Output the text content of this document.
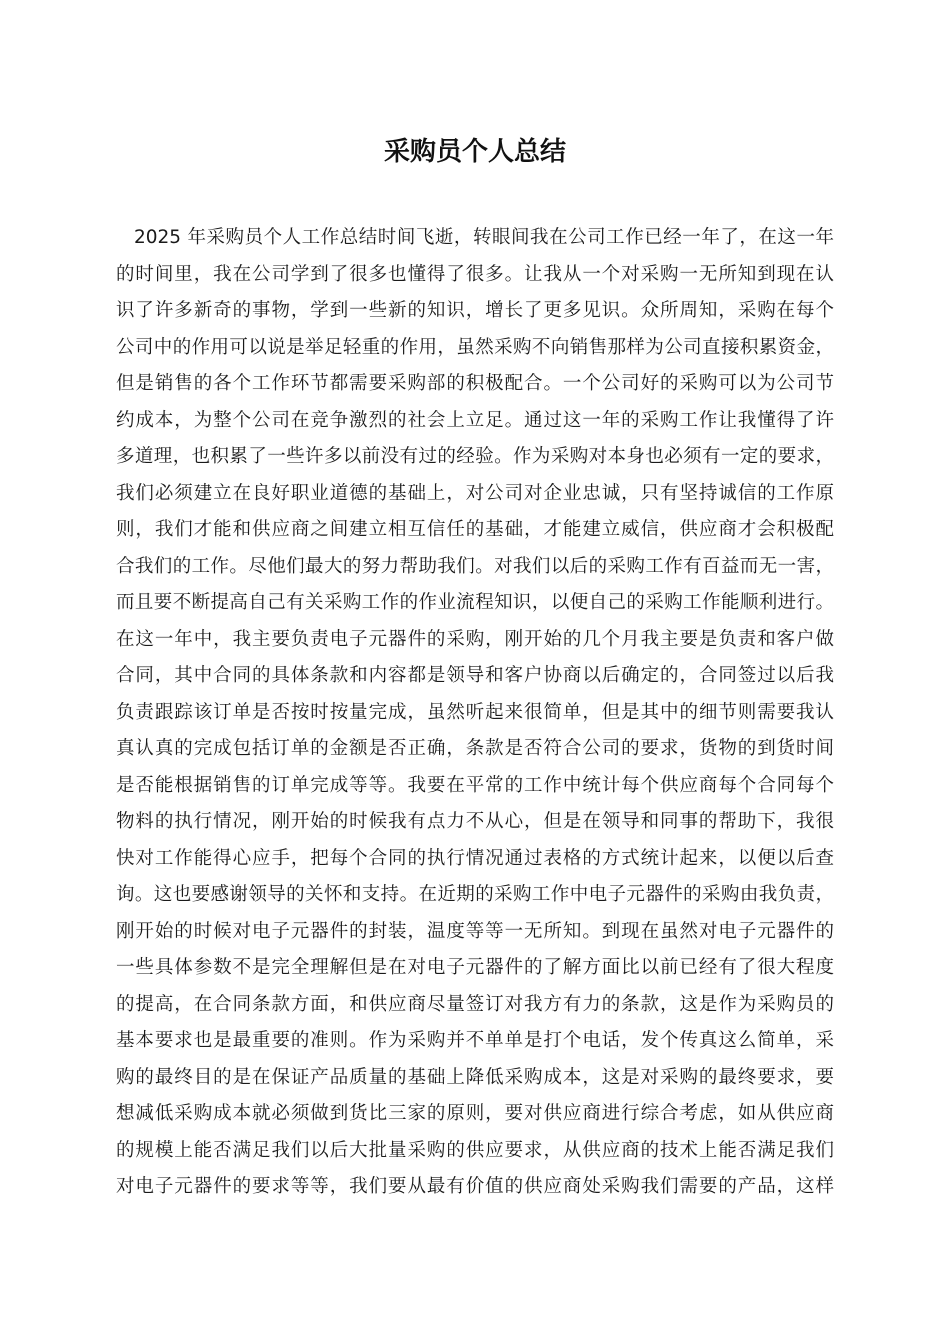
采购员个人总结
2025 年采购员个人工作总结时间飞逝，转眼间我在公司工作已经一年了，在这一年
的时间里，我在公司学到了很多也懂得了很多。让我从一个对采购一无所知到现在认
识了许多新奇的事物，学到一些新的知识，增长了更多见识。众所周知，采购在每个
公司中的作用可以说是举足轻重的作用，虽然采购不向销售那样为公司直接积累资金，
但是销售的各个工作环节都需要采购部的积极配合。一个公司好的采购可以为公司节
约成本，为整个公司在竞争激烈的社会上立足。通过这一年的采购工作让我懂得了许
多道理，也积累了一些许多以前没有过的经验。作为采购对本身也必须有一定的要求，
我们必须建立在良好职业道德的基础上，对公司对企业忠诚，只有坚持诚信的工作原
则，我们才能和供应商之间建立相互信任的基础，才能建立威信，供应商才会积极配
合我们的工作。尽他们最大的努力帮助我们。对我们以后的采购工作有百益而无一害，
而且要不断提高自己有关采购工作的作业流程知识，以便自己的采购工作能顺利进行。
在这一年中，我主要负责电子元器件的采购，刚开始的几个月我主要是负责和客户做
合同，其中合同的具体条款和内容都是领导和客户协商以后确定的，合同签过以后我
负责跟踪该订单是否按时按量完成，虽然听起来很简单，但是其中的细节则需要我认
真认真的完成包括订单的金额是否正确，条款是否符合公司的要求，货物的到货时间
是否能根据销售的订单完成等等。我要在平常的工作中统计每个供应商每个合同每个
物料的执行情况，刚开始的时候我有点力不从心，但是在领导和同事的帮助下，我很
快对工作能得心应手，把每个合同的执行情况通过表格的方式统计起来，以便以后查
询。这也要感谢领导的关怀和支持。在近期的采购工作中电子元器件的采购由我负责，
刚开始的时候对电子元器件的封装，温度等等一无所知。到现在虽然对电子元器件的
一些具体参数不是完全理解但是在对电子元器件的了解方面比以前已经有了很大程度
的提高，在合同条款方面，和供应商尽量签订对我方有力的条款，这是作为采购员的
基本要求也是最重要的准则。作为采购并不单单是打个电话，发个传真这么简单，采
购的最终目的是在保证产品质量的基础上降低采购成本，这是对采购的最终要求，要
想减低采购成本就必须做到货比三家的原则，要对供应商进行综合考虑，如从供应商
的规模上能否满足我们以后大批量采购的供应要求，从供应商的技术上能否满足我们
对电子元器件的要求等等，我们要从最有价值的供应商处采购我们需要的产品，这样
